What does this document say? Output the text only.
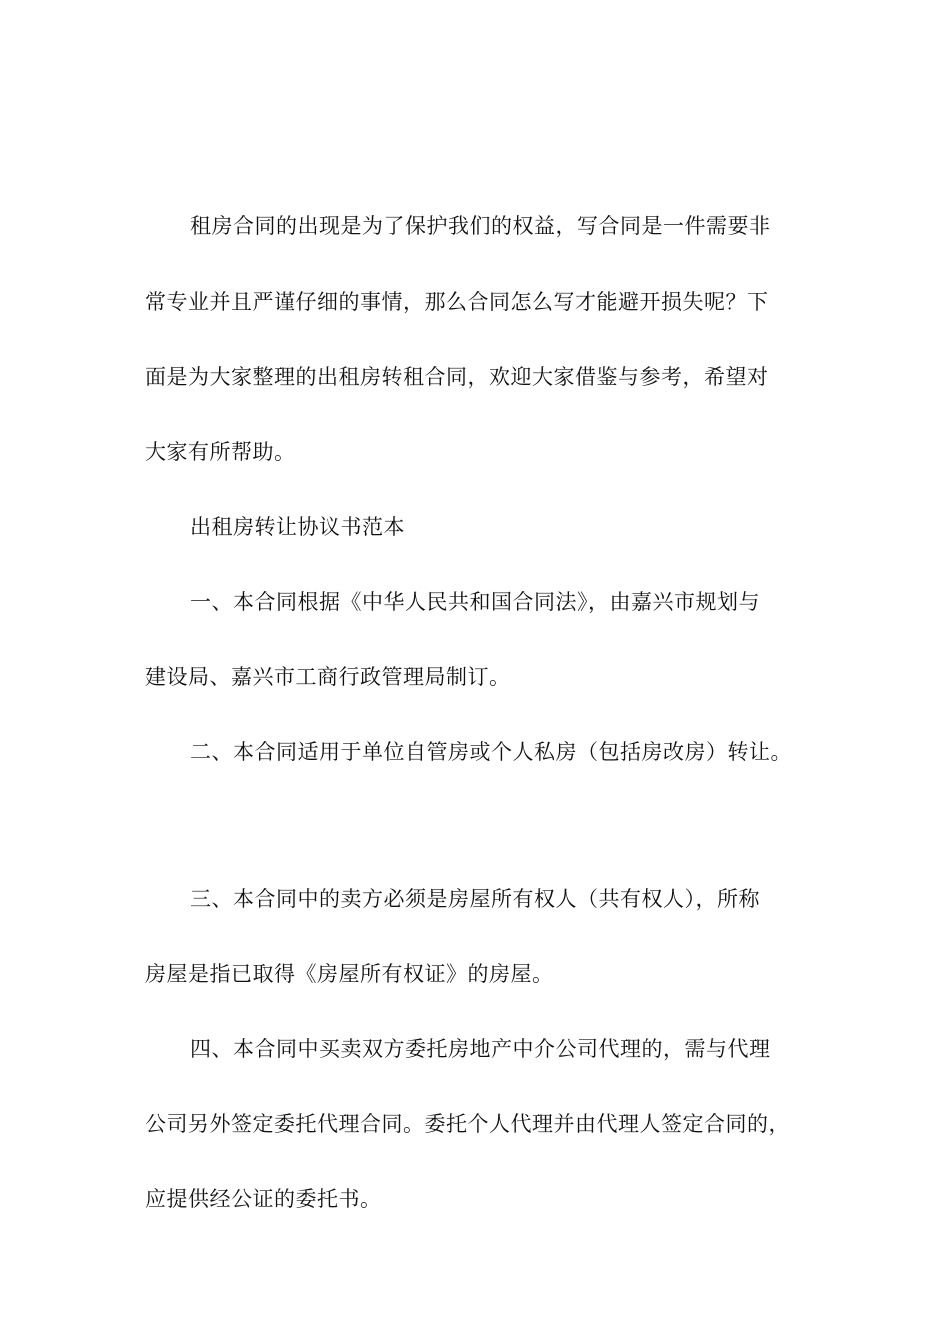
租房合同的出现是为了保护我们的权益，写合同是一件需要非
常专业并且严谨仔细的事情，那么合同怎么写才能避开损失呢？下
面是为大家整理的出租房转租合同，欢迎大家借鉴与参考，希望对
大家有所帮助。
出租房转让协议书范本
一、本合同根据《中华人民共和国合同法》，由嘉兴市规划与
建设局、嘉兴市工商行政管理局制订。
二、本合同适用于单位自管房或个人私房（包括房改房）转让。
三、本合同中的卖方必须是房屋所有权人（共有权人），所称
房屋是指已取得《房屋所有权证》的房屋。
四、本合同中买卖双方委托房地产中介公司代理的，需与代理
公司另外签定委托代理合同。委托个人代理并由代理人签定合同的，
应提供经公证的委托书。
